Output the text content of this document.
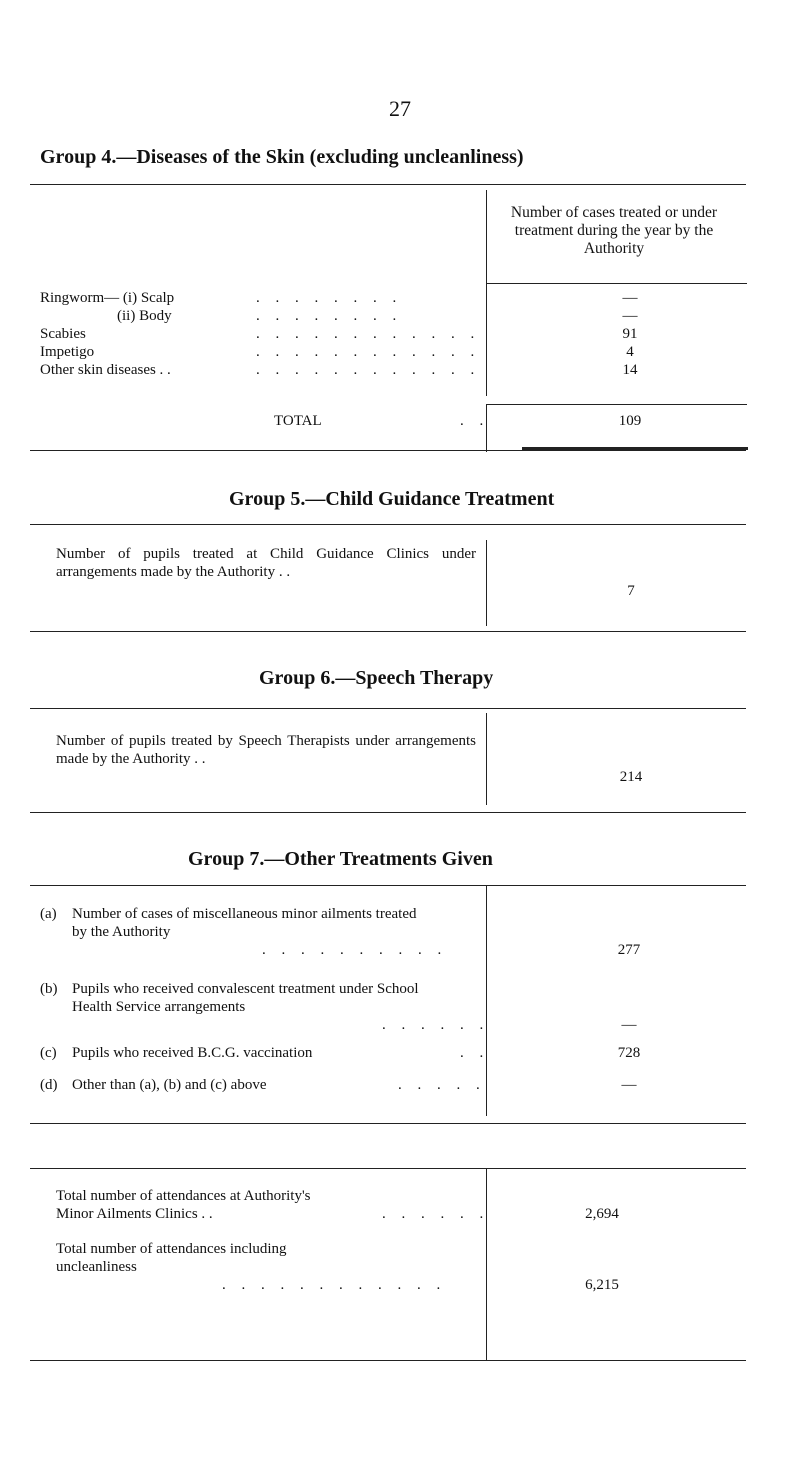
27
Group 4.—Diseases of the Skin (excluding uncleanliness)
Number of cases treated or under treatment during the year by the Authority
Ringworm— (i) Scalp	. . . . . . . .	—
(ii) Body	. . . . . . . .	—
Scabies	. . . . . . . . . . . .	91
Impetigo	. . . . . . . . . . . .	4
Other skin diseases . .	. . . . . . . . . . . .	14
TOTAL	. .	109
Group 5.—Child Guidance Treatment
Number of pupils treated at Child Guidance Clinics under arrangements made by the Authority . .
7
Group 6.—Speech Therapy
Number of pupils treated by Speech Therapists under arrangements made by the Authority . .
214
Group 7.—Other Treatments Given
(a) Number of cases of miscellaneous minor ailments treated by the Authority
. . . . . . . . . .	277
(b) Pupils who received convalescent treatment under School Health Service arrangements
. . . . . .	—
(c) Pupils who received B.C.G. vaccination	. .	728
(d) Other than (a), (b) and (c) above	. . . . .	—
Total number of attendances at Authority's Minor Ailments Clinics . .	. . . . . .	2,694
Total number of attendances including uncleanliness
. . . . . . . . . . . .	6,215
